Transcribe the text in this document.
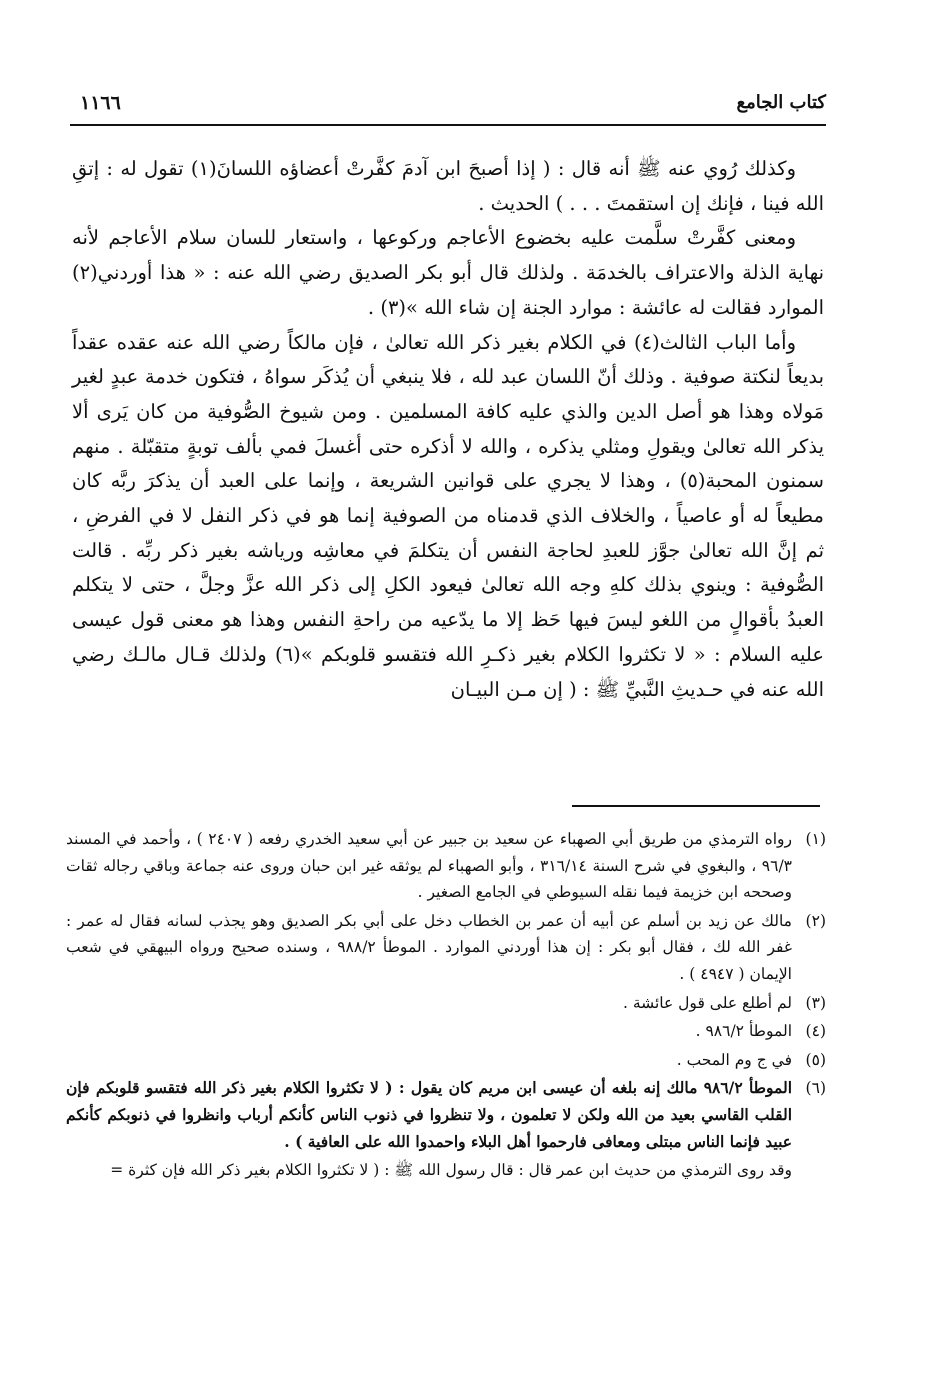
كتاب الجامع
١١٦٦

وكذلك رُوي عنه ﷺ أنه قال : ( إذا أصبحَ ابن آدمَ كفَّرتْ أعضاؤه اللسانَ(١) تقول له : إتقِ الله فينا ، فإنك إن استقمتَ . . . ) الحديث .

ومعنى كفَّرتْ سلَّمت عليه بخضوع الأعاجم وركوعها ، واستعار للسان سلام الأعاجم لأنه نهاية الذلة والاعتراف بالخدمَة . ولذلك قال أبو بكر الصديق رضي الله عنه : « هذا أوردني(٢) الموارد فقالت له عائشة : موارد الجنة إن شاء الله »(٣) .

وأما الباب الثالث(٤) في الكلام بغير ذكر الله تعالىٰ ، فإن مالكاً رضي الله عنه عقده عقداً بديعاً لنكتة صوفية . وذلك أنّ اللسان عبد لله ، فلا ينبغي أن يُذكَر سواهُ ، فتكون خدمة عبدٍ لغير مَولاه وهذا هو أصل الدين والذي عليه كافة المسلمين . ومن شيوخ الصُّوفية من كان يَرى ألا يذكر الله تعالىٰ ويقولِ ومثلي يذكره ، والله لا أذكره حتى أغسلَ فمي بألف توبةٍ متقبّلة . منهم سمنون المحبة(٥) ، وهذا لا يجري على قوانين الشريعة ، وإنما على العبد أن يذكرَ ربَّه كان مطيعاً له أو عاصياً ، والخلاف الذي قدمناه من الصوفية إنما هو في ذكر النفل لا في الفرضِ ، ثم إنَّ الله تعالىٰ جوَّز للعبدِ لحاجة النفس أن يتكلمَ في معاشِه ورياشه بغير ذكر ربِّه . قالت الصُّوفية : وينوي بذلك كلهِ وجه الله تعالىٰ فيعود الكلِ إلى ذكر الله عزَّ وجلَّ ، حتى لا يتكلم العبدُ بأقوالٍ من اللغو ليسَ فيها حَظ إلا ما يدّعيه من راحةِ النفس وهذا هو معنى قول عيسى عليه السلام : « لا تكثروا الكلام بغير ذكـرِ الله فتقسو قلوبكم »(٦) ولذلك قـال مالـك رضي الله عنه في حـديثِ النَّبيِّ ﷺ : ( إن مـن البيـان

(١)
رواه الترمذي من طريق أبي الصهباء عن سعيد بن جبير عن أبي سعيد الخدري رفعه ( ٢٤٠٧ ) ، وأحمد في المسند ٩٦/٣ ، والبغوي في شرح السنة ٣١٦/١٤ ، وأبو الصهباء لم يوثقه غير ابن حبان وروى عنه جماعة وباقي رجاله ثقات وصححه ابن خزيمة فيما نقله السيوطي في الجامع الصغير .
(٢)
مالك عن زيد بن أسلم عن أبيه أن عمر بن الخطاب دخل على أبي بكر الصديق وهو يجذب لسانه فقال له عمر : غفر الله لك ، فقال أبو بكر : إن هذا أوردني الموارد . الموطأ ٩٨٨/٢ ، وسنده صحيح ورواه البيهقي في شعب الإيمان ( ٤٩٤٧ ) .
(٣)
لم أطلع على قول عائشة .
(٤)
الموطأ ٩٨٦/٢ .
(٥)
في ج وم المحب .
(٦)
الموطأ ٩٨٦/٢ مالك إنه بلغه أن عيسى ابن مريم كان يقول : ( لا تكثروا الكلام بغير ذكر الله فتقسو قلوبكم فإن القلب القاسي بعيد من الله ولكن لا تعلمون ، ولا تنظروا في ذنوب الناس كأنكم أرباب وانظروا في ذنوبكم كأنكم عبيد فإنما الناس مبتلى ومعافى فارحموا أهل البلاء واحمدوا الله على العافية ) .
وقد روى الترمذي من حديث ابن عمر قال : قال رسول الله ﷺ : ( لا تكثروا الكلام بغير ذكر الله فإن كثرة =
